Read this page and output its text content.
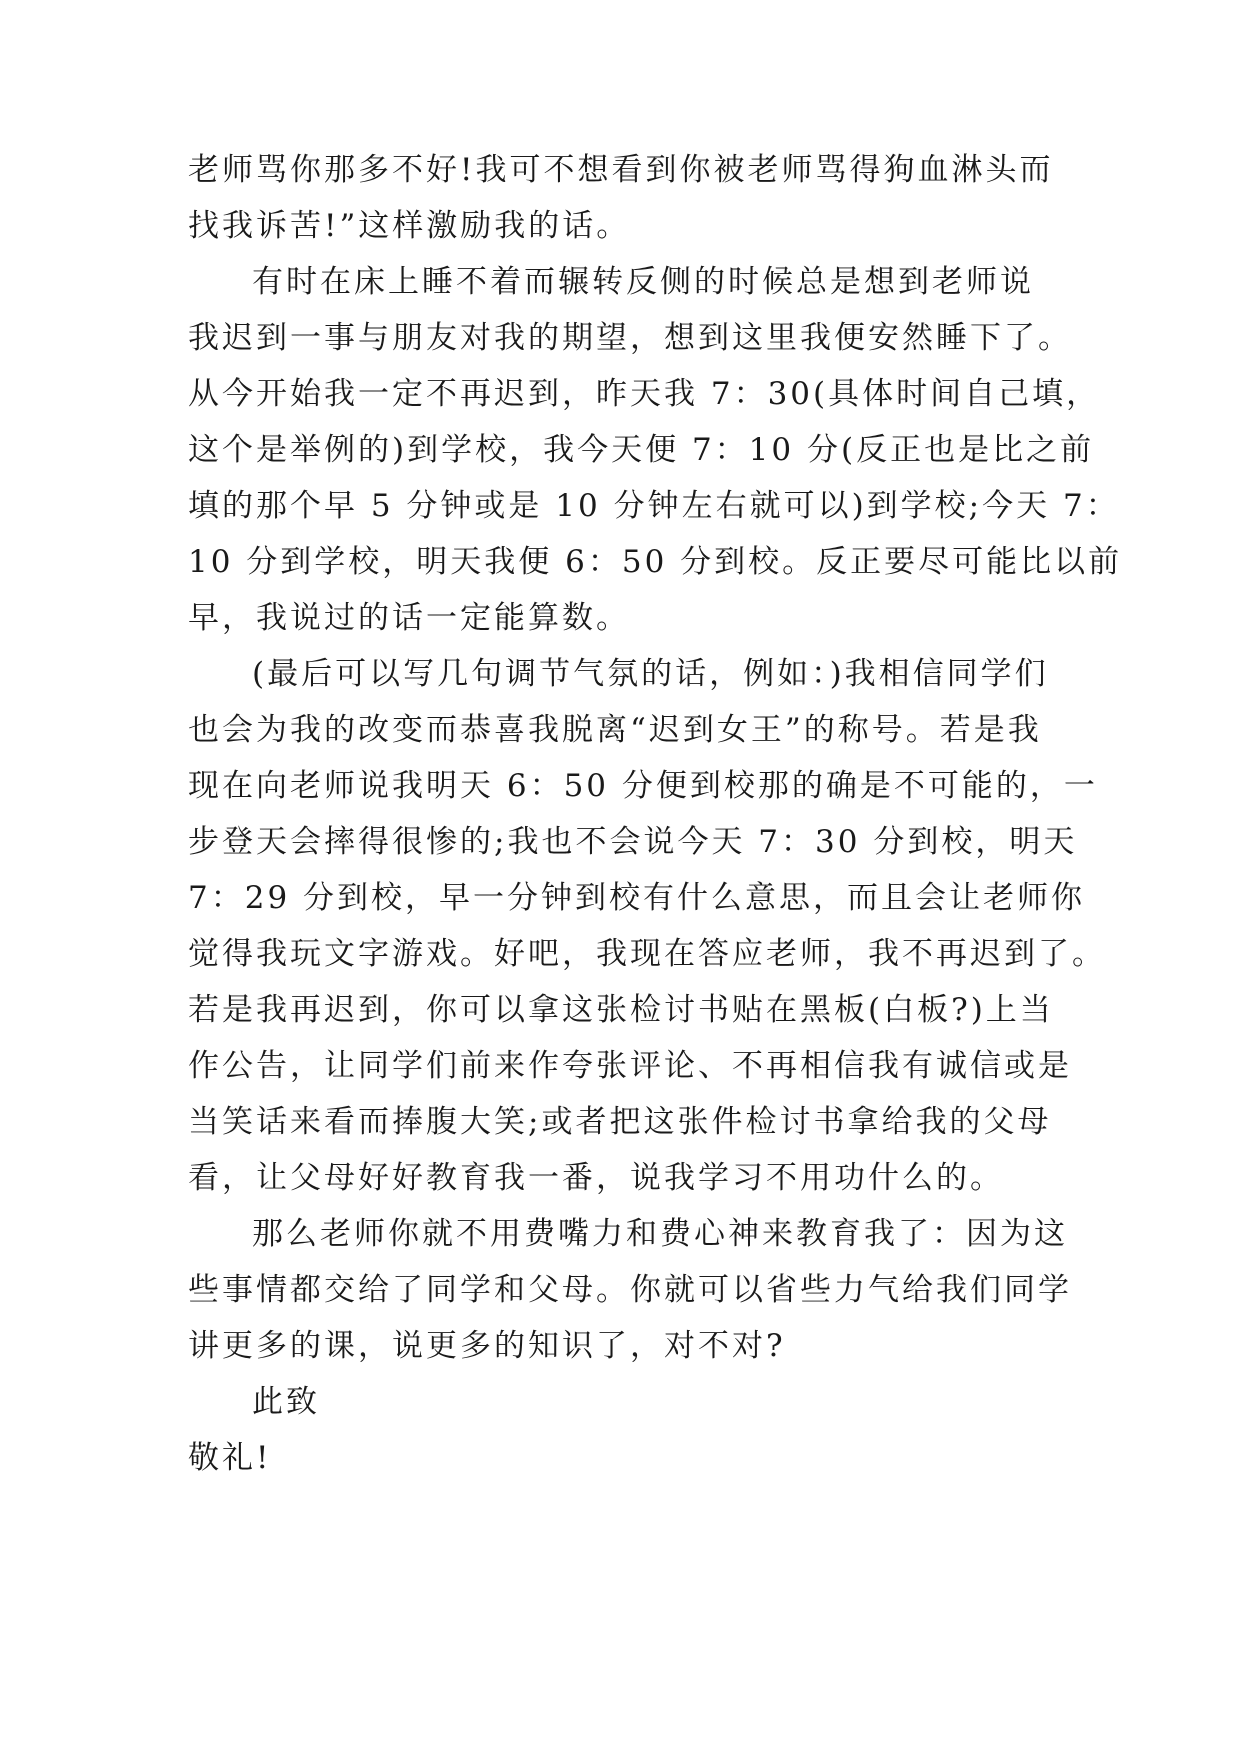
老师骂你那多不好!我可不想看到你被老师骂得狗血淋头而

找我诉苦!”这样激励我的话。

有时在床上睡不着而辗转反侧的时候总是想到老师说

我迟到一事与朋友对我的期望，想到这里我便安然睡下了。

从今开始我一定不再迟到，昨天我 7：30(具体时间自己填，

这个是举例的)到学校，我今天便 7：10 分(反正也是比之前

填的那个早 5 分钟或是 10 分钟左右就可以)到学校;今天 7：

10 分到学校，明天我便 6：50 分到校。反正要尽可能比以前

早，我说过的话一定能算数。

(最后可以写几句调节气氛的话，例如：)我相信同学们

也会为我的改变而恭喜我脱离“迟到女王”的称号。若是我

现在向老师说我明天 6：50 分便到校那的确是不可能的，一

步登天会摔得很惨的;我也不会说今天 7：30 分到校，明天

7：29 分到校，早一分钟到校有什么意思，而且会让老师你

觉得我玩文字游戏。好吧，我现在答应老师，我不再迟到了。

若是我再迟到，你可以拿这张检讨书贴在黑板(白板?)上当

作公告，让同学们前来作夸张评论、不再相信我有诚信或是

当笑话来看而捧腹大笑;或者把这张件检讨书拿给我的父母

看，让父母好好教育我一番，说我学习不用功什么的。

那么老师你就不用费嘴力和费心神来教育我了：因为这

些事情都交给了同学和父母。你就可以省些力气给我们同学

讲更多的课，说更多的知识了，对不对?

此致

敬礼!
